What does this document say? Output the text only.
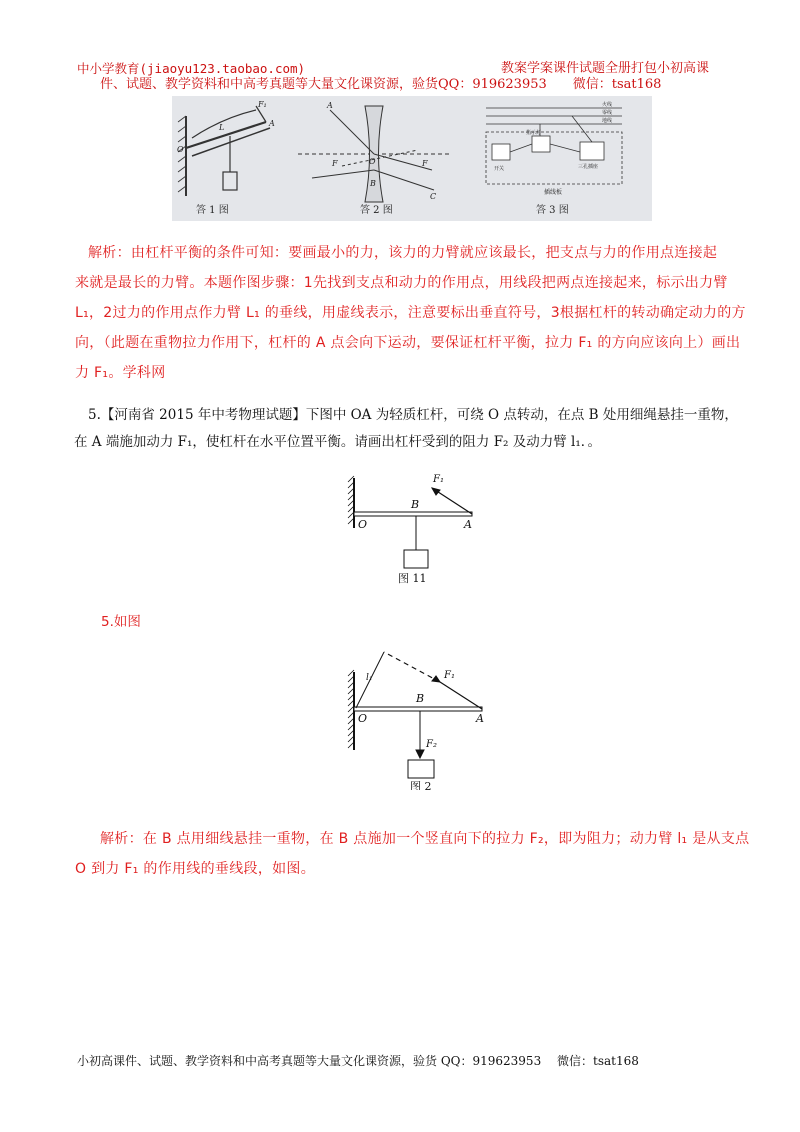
中小学教育(jiaoyu123.taobao.com)	教案学案课件试题全册打包小初高课
件、试题、教学资料和中高考真题等大量文化课资源，验货QQ：919623953　　微信：tsat168
F₁
A
O
L
答 1 图
A
F	O	F
B
C
答 2 图
火线
零线
地线
指示灯
开关	三孔插座
插线板
答 3 图
解析：由杠杆平衡的条件可知：要画最小的力，该力的力臂就应该最长，把支点与力的作用点连接起
来就是最长的力臂。本题作图步骤：1先找到支点和动力的作用点，用线段把两点连接起来，标示出力臂
L₁，2过力的作用点作力臂 L₁ 的垂线，用虚线表示，注意要标出垂直符号，3根据杠杆的转动确定动力的方
向，（此题在重物拉力作用下，杠杆的 A 点会向下运动，要保证杠杆平衡，拉力 F₁ 的方向应该向上）画出
力 F₁。学科网
5.【河南省 2015 年中考物理试题】下图中 OA 为轻质杠杆，可绕 O 点转动，在点 B 处用细绳悬挂一重物，
在 A 端施加动力 F₁，使杠杆在水平位置平衡。请画出杠杆受到的阻力 F₂ 及动力臂 l₁．。
F₁
O
B
A
图 11
5.如图
F₁
l₁
O
B
A
F₂
图 2
解析：在 B 点用细线悬挂一重物，在 B 点施加一个竖直向下的拉力 F₂，即为阻力；动力臂 l₁ 是从支点
O 到力 F₁ 的作用线的垂线段，如图。
小初高课件、试题、教学资料和中高考真题等大量文化课资源，验货 QQ：919623953　 微信：tsat168
